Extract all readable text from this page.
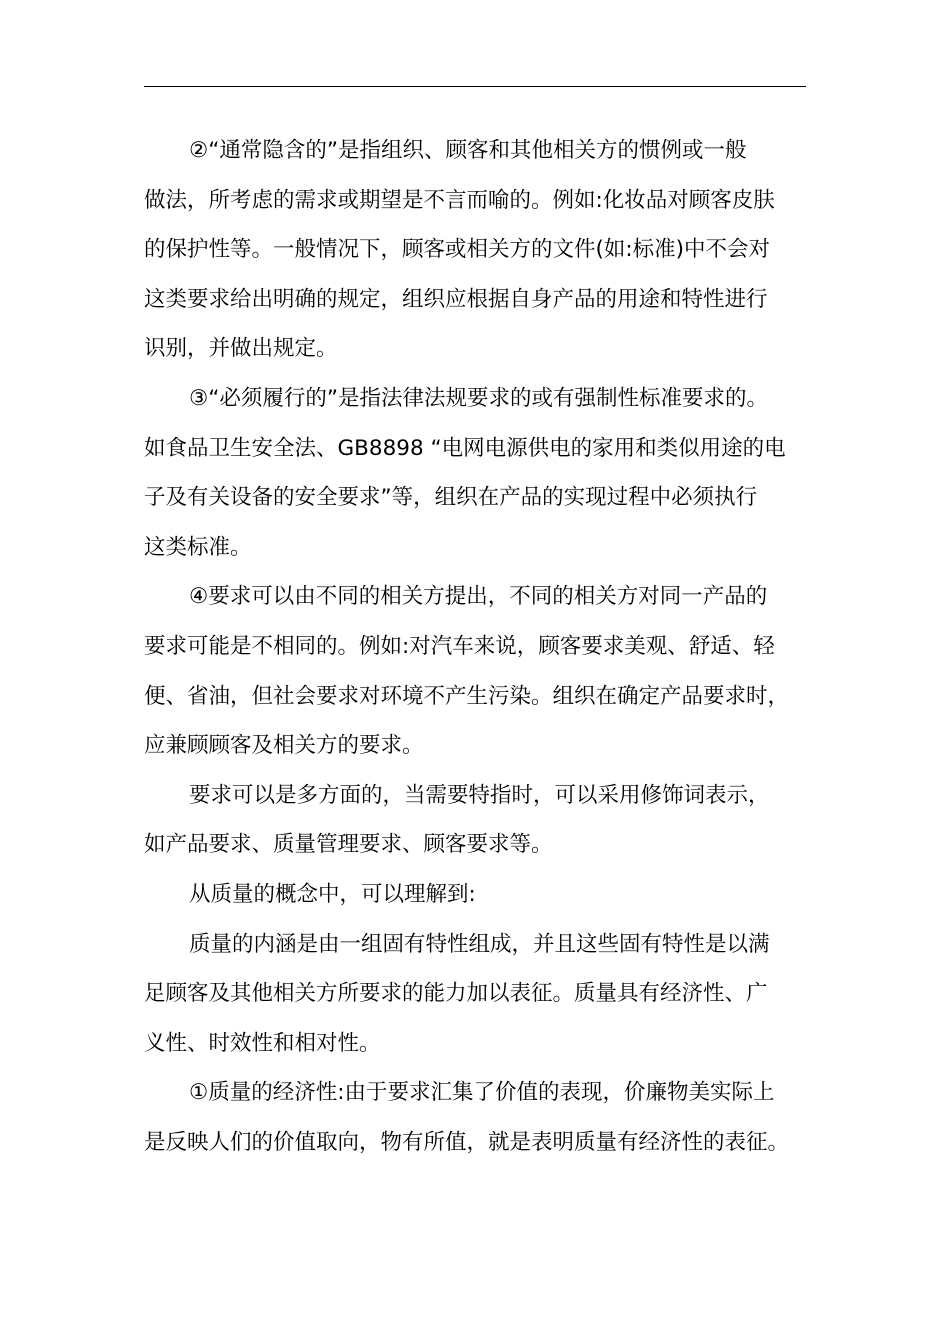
②“通常隐含的”是指组织、顾客和其他相关方的惯例或一般
做法，所考虑的需求或期望是不言而喻的。例如:化妆品对顾客皮肤
的保护性等。一般情况下，顾客或相关方的文件(如:标准)中不会对
这类要求给出明确的规定，组织应根据自身产品的用途和特性进行
识别，并做出规定。
③“必须履行的”是指法律法规要求的或有强制性标准要求的。
如食品卫生安全法、GB8898 “电网电源供电的家用和类似用途的电
子及有关设备的安全要求”等，组织在产品的实现过程中必须执行
这类标准。
④要求可以由不同的相关方提出，不同的相关方对同一产品的
要求可能是不相同的。例如:对汽车来说，顾客要求美观、舒适、轻
便、省油，但社会要求对环境不产生污染。组织在确定产品要求时，
应兼顾顾客及相关方的要求。
要求可以是多方面的，当需要特指时，可以采用修饰词表示，
如产品要求、质量管理要求、顾客要求等。
从质量的概念中，可以理解到:
质量的内涵是由一组固有特性组成，并且这些固有特性是以满
足顾客及其他相关方所要求的能力加以表征。质量具有经济性、广
义性、时效性和相对性。
①质量的经济性:由于要求汇集了价值的表现，价廉物美实际上
是反映人们的价值取向，物有所值，就是表明质量有经济性的表征。
